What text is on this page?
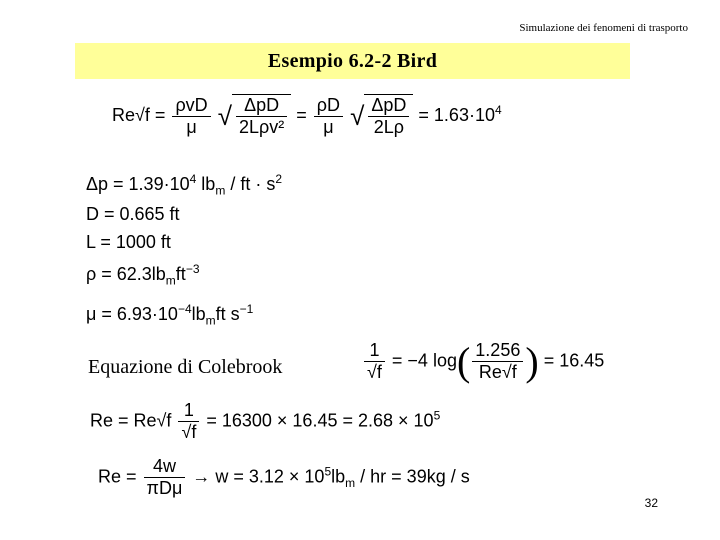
Simulazione dei fenomeni di trasporto
Esempio 6.2-2 Bird
$Re√f = \frac{\text{ρvD}}{\mu}$ √ $\frac{\text{ΔpD}}{\text{2Lρv²}} = \frac{\rho D}{\mu}$ √ $\frac{\text{ΔpD}}{2L\rho} = 1.63\cdot 10^4$
$\Delta p = 1.39\cdot 10^4$ $lb_m$ / ft · $s^2$
D = 0.665 ft
L = 1000 ft
$\rho = 62.3lb_mft^{-3}$
$\mu = 6.93\cdot 10^{-4}lb_mft$ $s^{-1}$
Equazione di Colebrook	$\frac{1}{√f} = -4$ $\log( \frac{1.256}{Re√f}$ ) = 16.45
$Re = Re√f \frac{1}{√f} = 16300 \times 16.45 = 2.68 \times 10^5$
$Re = \frac{4w}{\text{πDμ}} \to w = 3.12 \times 10^5lb_m$ / hr = 39kg / s
32
